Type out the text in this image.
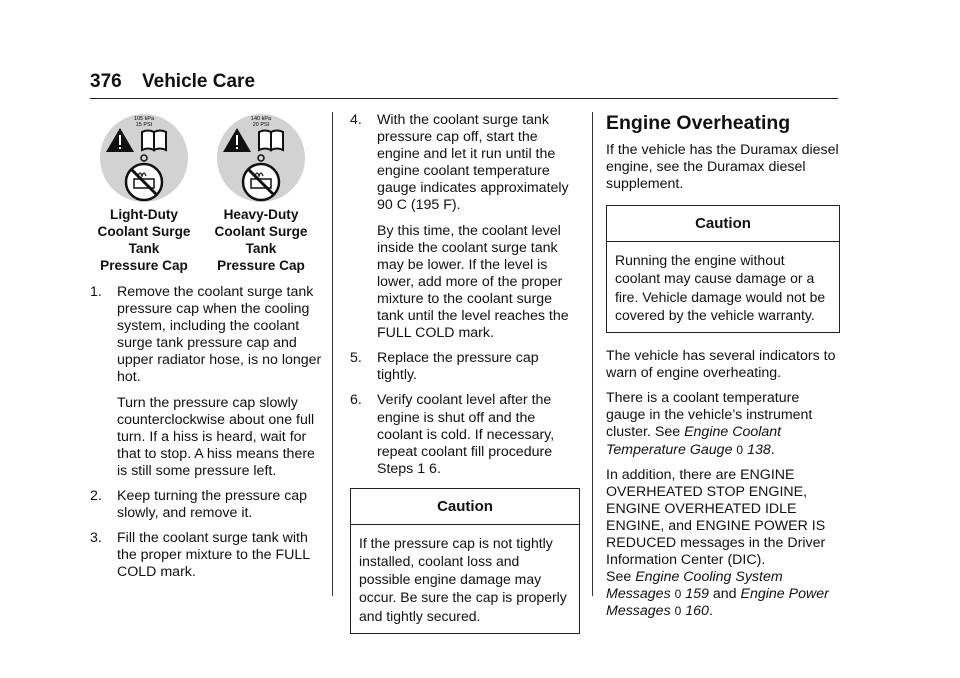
376 Vehicle Care
105 kPa
15 PSI
Light-Duty
Coolant Surge
Tank
Pressure Cap
140 kPa
20 PSI
Heavy-Duty
Coolant Surge
Tank
Pressure Cap
1. Remove the coolant surge tank pressure cap when the cooling system, including the coolant surge tank pressure cap and upper radiator hose, is no longer hot.

Turn the pressure cap slowly counterclockwise about one full turn. If a hiss is heard, wait for that to stop. A hiss means there is still some pressure left.

2. Keep turning the pressure cap slowly, and remove it.

3. Fill the coolant surge tank with the proper mixture to the FULL COLD mark.

4. With the coolant surge tank pressure cap off, start the engine and let it run until the engine coolant temperature gauge indicates approximately 90 C (195 F).

By this time, the coolant level inside the coolant surge tank may be lower. If the level is lower, add more of the proper mixture to the coolant surge tank until the level reaches the FULL COLD mark.

5. Replace the pressure cap tightly.

6. Verify coolant level after the engine is shut off and the coolant is cold. If necessary, repeat coolant fill procedure Steps 1 6.

Caution
If the pressure cap is not tightly installed, coolant loss and possible engine damage may occur. Be sure the cap is properly and tightly secured.
Engine Overheating

If the vehicle has the Duramax diesel engine, see the Duramax diesel supplement.

Caution
Running the engine without coolant may cause damage or a fire. Vehicle damage would not be covered by the vehicle warranty.

The vehicle has several indicators to warn of engine overheating.

There is a coolant temperature gauge in the vehicle’s instrument cluster. See Engine Coolant Temperature Gauge 0 138.

In addition, there are ENGINE OVERHEATED STOP ENGINE, ENGINE OVERHEATED IDLE ENGINE, and ENGINE POWER IS REDUCED messages in the Driver Information Center (DIC).
See Engine Cooling System Messages 0 159 and Engine Power Messages 0 160.
